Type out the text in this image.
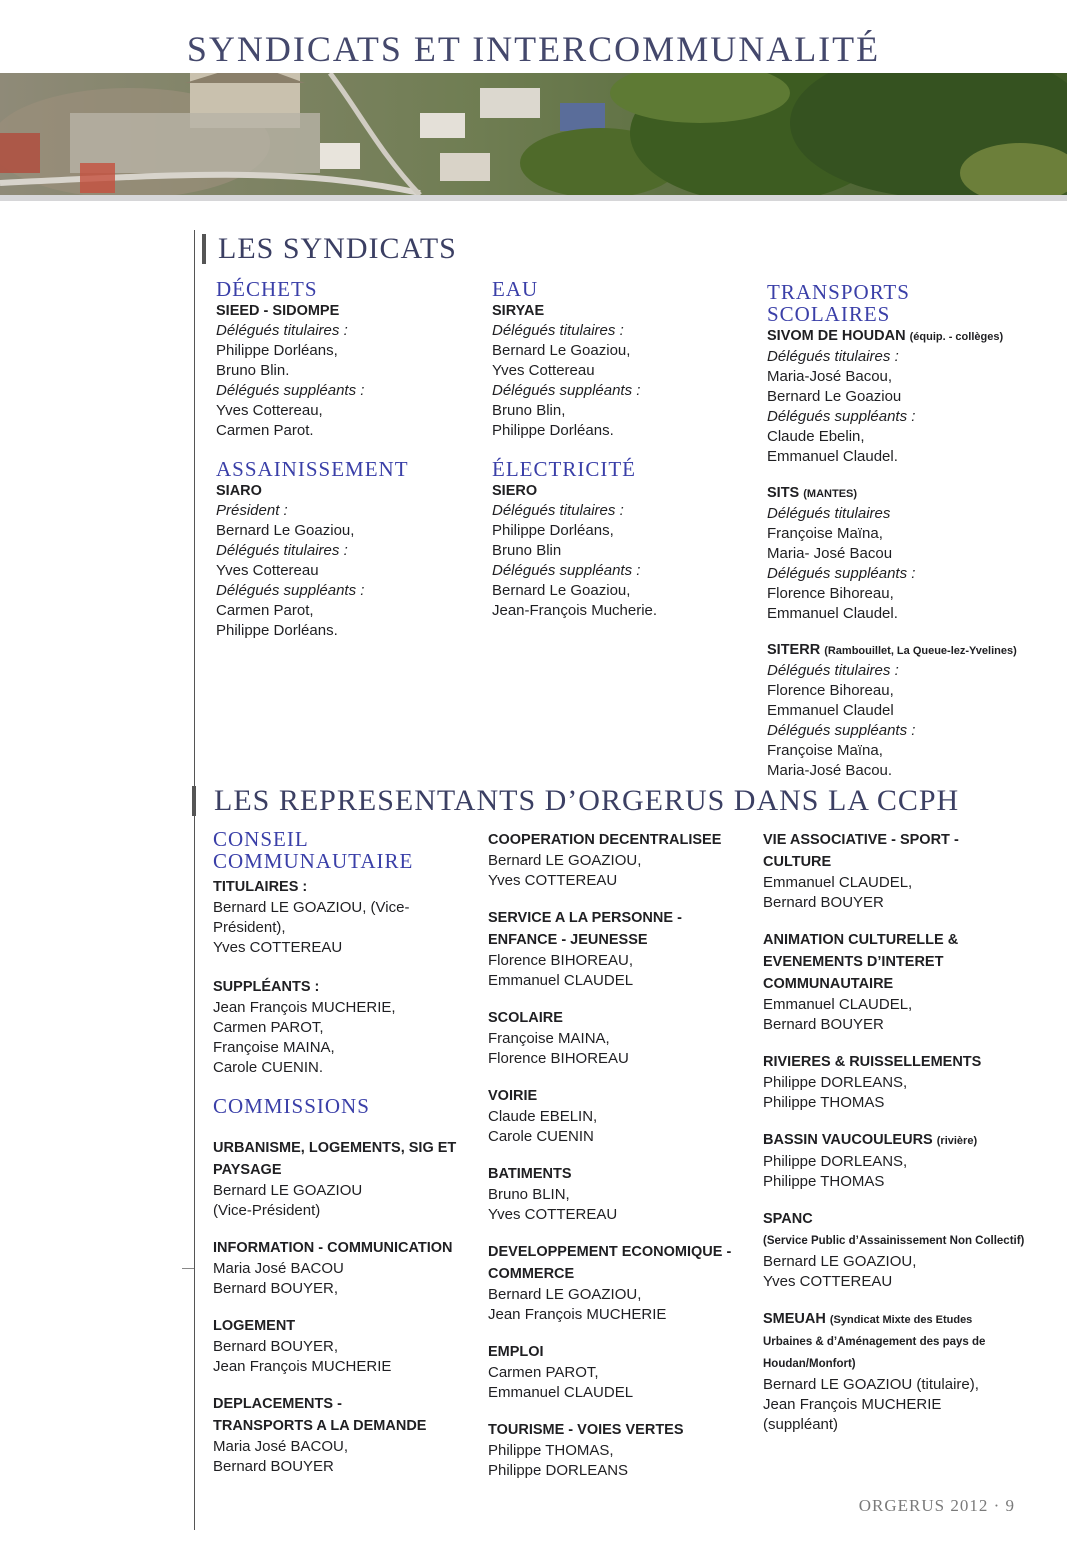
SYNDICATS ET INTERCOMMUNALITÉ
LES SYNDICATS
DÉCHETS
SIEED - SIDOMPE
Délégués titulaires :
Philippe Dorléans,
Bruno Blin.
Délégués suppléants :
Yves Cottereau,
Carmen Parot.
ASSAINISSEMENT
SIARO
Président :
Bernard Le Goaziou,
Délégués titulaires :
Yves Cottereau
Délégués suppléants :
Carmen Parot,
Philippe Dorléans.
EAU
SIRYAE
Délégués titulaires :
Bernard Le Goaziou,
Yves Cottereau
Délégués suppléants :
Bruno Blin,
Philippe Dorléans.
ÉLECTRICITÉ
SIERO
Délégués titulaires :
Philippe Dorléans,
Bruno Blin
Délégués suppléants :
Bernard Le Goaziou,
Jean-François Mucherie.
TRANSPORTS
SCOLAIRES
SIVOM DE HOUDAN (équip. - collèges)
Délégués titulaires :
Maria-José Bacou,
Bernard Le Goaziou
Délégués suppléants :
Claude Ebelin,
Emmanuel Claudel.
SITS (MANTES)
Délégués titulaires
Françoise Maïna,
Maria- José Bacou
Délégués suppléants :
Florence Bihoreau,
Emmanuel Claudel.
SITERR (Rambouillet, La Queue-lez-Yvelines)
Délégués titulaires :
Florence Bihoreau,
Emmanuel Claudel
Délégués suppléants :
Françoise Maïna,
Maria-José Bacou.
LES REPRESENTANTS D’ORGERUS DANS LA CCPH
CONSEIL
COMMUNAUTAIRE
TITULAIRES :
Bernard LE GOAZIOU, (Vice-
Président),
Yves COTTEREAU
SUPPLÉANTS :
Jean François MUCHERIE,
Carmen PAROT,
Françoise MAINA,
Carole CUENIN.
COMMISSIONS
URBANISME, LOGEMENTS, SIG ET
PAYSAGE
Bernard LE GOAZIOU
(Vice-Président)
INFORMATION - COMMUNICATION
Maria José BACOU
Bernard BOUYER,
LOGEMENT
Bernard BOUYER,
Jean François MUCHERIE
DEPLACEMENTS -
TRANSPORTS A LA DEMANDE
Maria José BACOU,
Bernard BOUYER
COOPERATION DECENTRALISEE
Bernard LE GOAZIOU,
Yves COTTEREAU
SERVICE A LA PERSONNE -
ENFANCE - JEUNESSE
Florence BIHOREAU,
Emmanuel CLAUDEL
SCOLAIRE
Françoise MAINA,
Florence BIHOREAU
VOIRIE
Claude EBELIN,
Carole CUENIN
BATIMENTS
Bruno BLIN,
Yves COTTEREAU
DEVELOPPEMENT ECONOMIQUE -
COMMERCE
Bernard LE GOAZIOU,
Jean François MUCHERIE
EMPLOI
Carmen PAROT,
Emmanuel CLAUDEL
TOURISME - VOIES VERTES
Philippe THOMAS,
Philippe DORLEANS
VIE ASSOCIATIVE - SPORT -
CULTURE
Emmanuel CLAUDEL,
Bernard BOUYER
ANIMATION CULTURELLE &
EVENEMENTS D’INTERET
COMMUNAUTAIRE
Emmanuel CLAUDEL,
Bernard BOUYER
RIVIERES & RUISSELLEMENTS
Philippe DORLEANS,
Philippe THOMAS
BASSIN VAUCOULEURS (rivière)
Philippe DORLEANS,
Philippe THOMAS
SPANC
(Service Public d’Assainissement Non Collectif)
Bernard LE GOAZIOU,
Yves COTTEREAU
SMEUAH (Syndicat Mixte des Etudes
Urbaines & d’Aménagement des pays de
Houdan/Monfort)
Bernard LE GOAZIOU (titulaire),
Jean François MUCHERIE
(suppléant)
ORGERUS 2012 · 9
